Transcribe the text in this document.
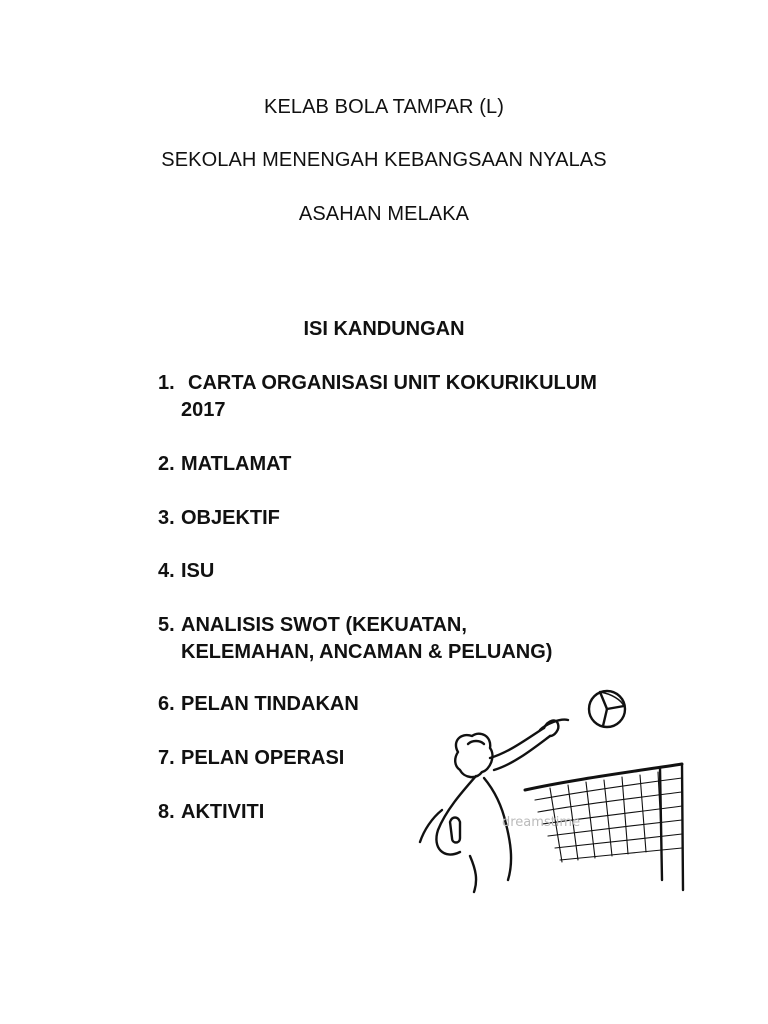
KELAB BOLA TAMPAR (L)
SEKOLAH MENENGAH KEBANGSAAN NYALAS
ASAHAN MELAKA
ISI KANDUNGAN
1. CARTA ORGANISASI UNIT KOKURIKULUM
2017
2. MATLAMAT
3. OBJEKTIF
4. ISU
5. ANALISIS SWOT (KEKUATAN,
KELEMAHAN, ANCAMAN & PELUANG)
6. PELAN TINDAKAN
7. PELAN OPERASI
8. AKTIVITI	dreamstime
